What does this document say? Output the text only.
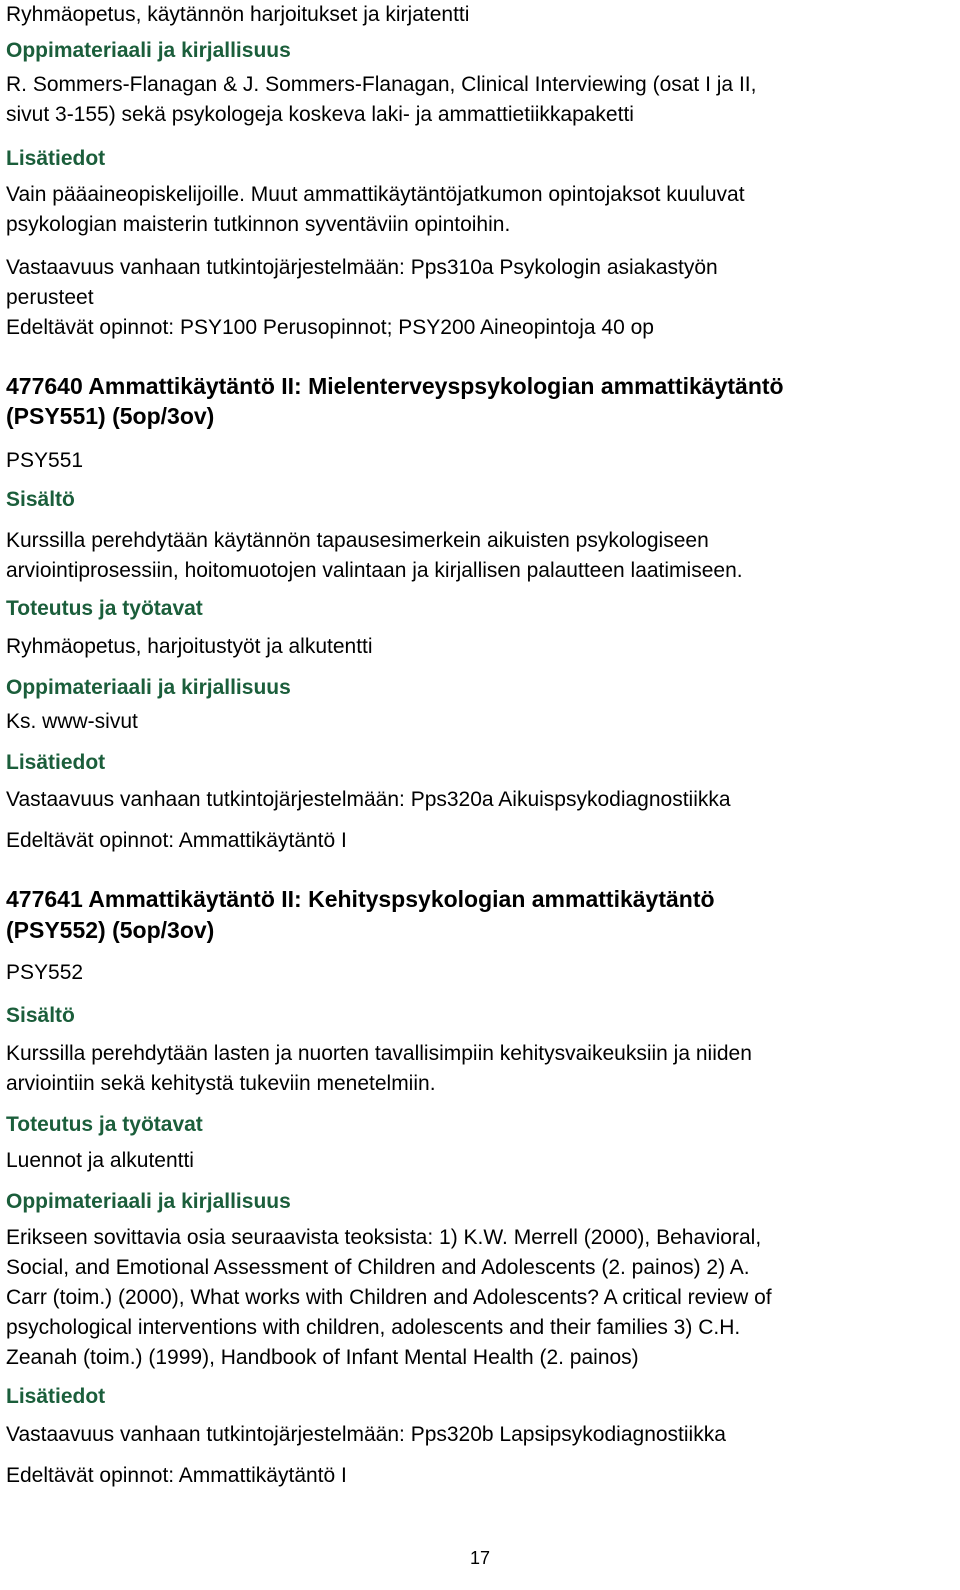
Ryhmäopetus, käytännön harjoitukset ja kirjatentti
Oppimateriaali ja kirjallisuus
R. Sommers-Flanagan & J. Sommers-Flanagan, Clinical Interviewing (osat I ja II,
sivut 3-155) sekä psykologeja koskeva laki- ja ammattietiikkapaketti
Lisätiedot
Vain pääaineopiskelijoille. Muut ammattikäytäntöjatkumon opintojaksot kuuluvat
psykologian maisterin tutkinnon syventäviin opintoihin.
Vastaavuus vanhaan tutkintojärjestelmään: Pps310a Psykologin asiakastyön
perusteet
Edeltävät opinnot: PSY100 Perusopinnot; PSY200 Aineopintoja 40 op
477640 Ammattikäytäntö II: Mielenterveyspsykologian ammattikäytäntö
(PSY551) (5op/3ov)
PSY551
Sisältö
Kurssilla perehdytään käytännön tapausesimerkein aikuisten psykologiseen
arviointiprosessiin, hoitomuotojen valintaan ja kirjallisen palautteen laatimiseen.
Toteutus ja työtavat
Ryhmäopetus, harjoitustyöt ja alkutentti
Oppimateriaali ja kirjallisuus
Ks. www-sivut
Lisätiedot
Vastaavuus vanhaan tutkintojärjestelmään: Pps320a Aikuispsykodiagnostiikka
Edeltävät opinnot: Ammattikäytäntö I
477641 Ammattikäytäntö II: Kehityspsykologian ammattikäytäntö
(PSY552) (5op/3ov)
PSY552
Sisältö
Kurssilla perehdytään lasten ja nuorten tavallisimpiin kehitysvaikeuksiin ja niiden
arviointiin sekä kehitystä tukeviin menetelmiin.
Toteutus ja työtavat
Luennot ja alkutentti
Oppimateriaali ja kirjallisuus
Erikseen sovittavia osia seuraavista teoksista: 1) K.W. Merrell (2000), Behavioral,
Social, and Emotional Assessment of Children and Adolescents (2. painos) 2) A.
Carr (toim.) (2000), What works with Children and Adolescents? A critical review of
psychological interventions with children, adolescents and their families 3) C.H.
Zeanah (toim.) (1999), Handbook of Infant Mental Health (2. painos)
Lisätiedot
Vastaavuus vanhaan tutkintojärjestelmään: Pps320b Lapsipsykodiagnostiikka
Edeltävät opinnot: Ammattikäytäntö I
17
